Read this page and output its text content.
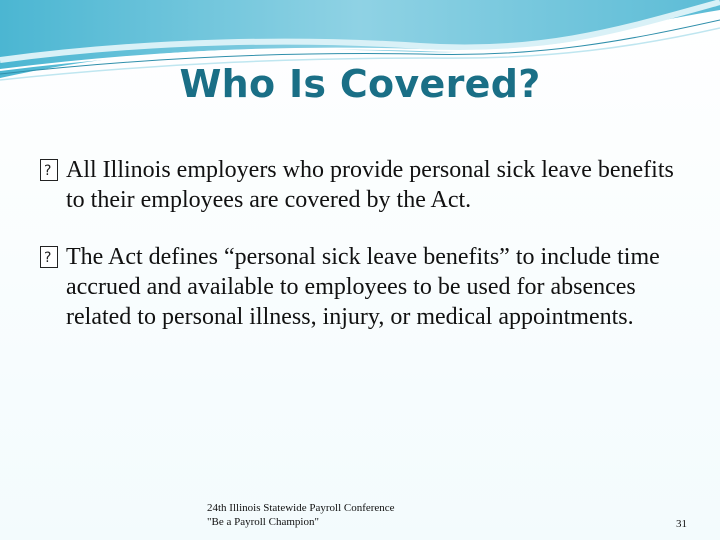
Who Is Covered?
?
All Illinois employers who provide personal sick leave benefits to their employees are covered by the Act.
?
The Act defines “personal sick leave benefits” to include time accrued and available to employees to be used for absences related to personal illness, injury, or medical appointments.
24th Illinois Statewide Payroll Conference
"Be a Payroll Champion"	31
